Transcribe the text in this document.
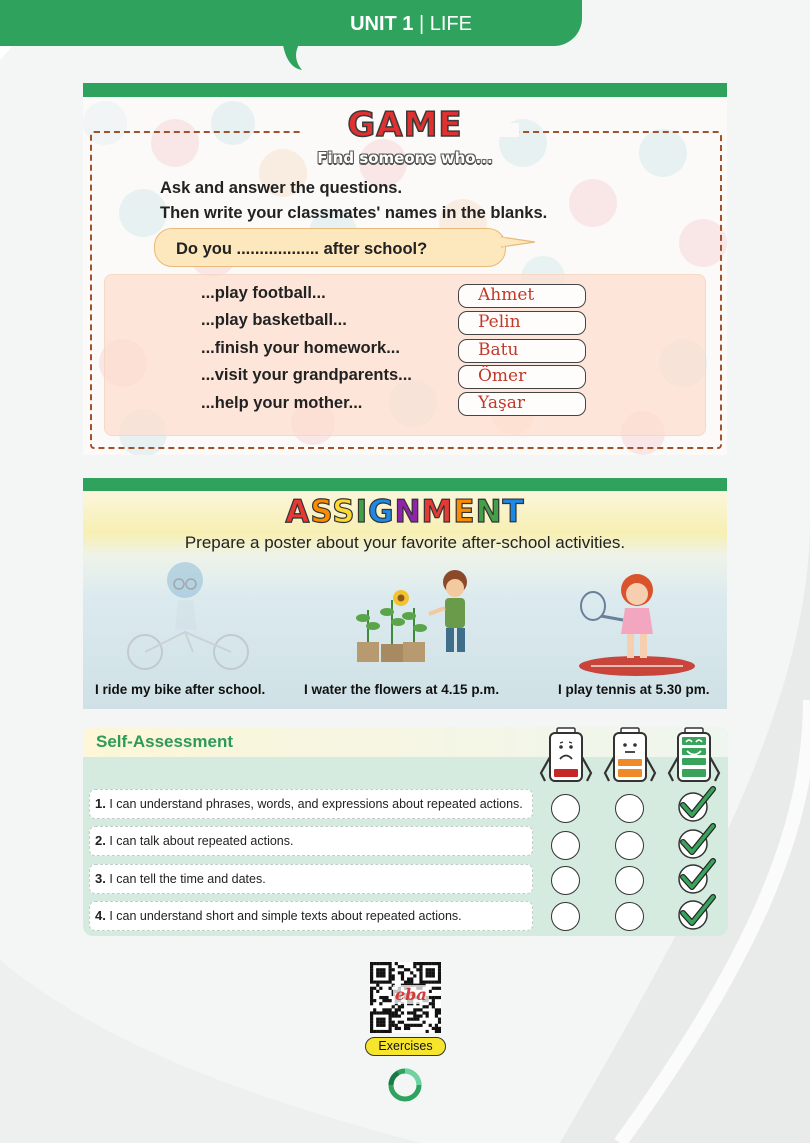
UNIT 1 | LIFE
GAME
Find someone who...
Ask and answer the questions.
Then write your classmates' names in the blanks.
Do you .................. after school?
...play football...	Ahmet
...play basketball...	Pelin
...finish your homework...	Batu
...visit your grandparents...	Ömer
...help your mother...	Yaşar
ASSIGNMENT
Prepare a poster about your favorite after-school activities.
I ride my bike after school.	I water the flowers at 4.15 p.m.	I play tennis at 5.30 pm.
Self-Assessment
1. I can understand phrases, words, and expressions about repeated actions.
2. I can talk about repeated actions.
3. I can tell the time and dates.
4. I can understand short and simple texts about repeated actions.
eba
Exercises
